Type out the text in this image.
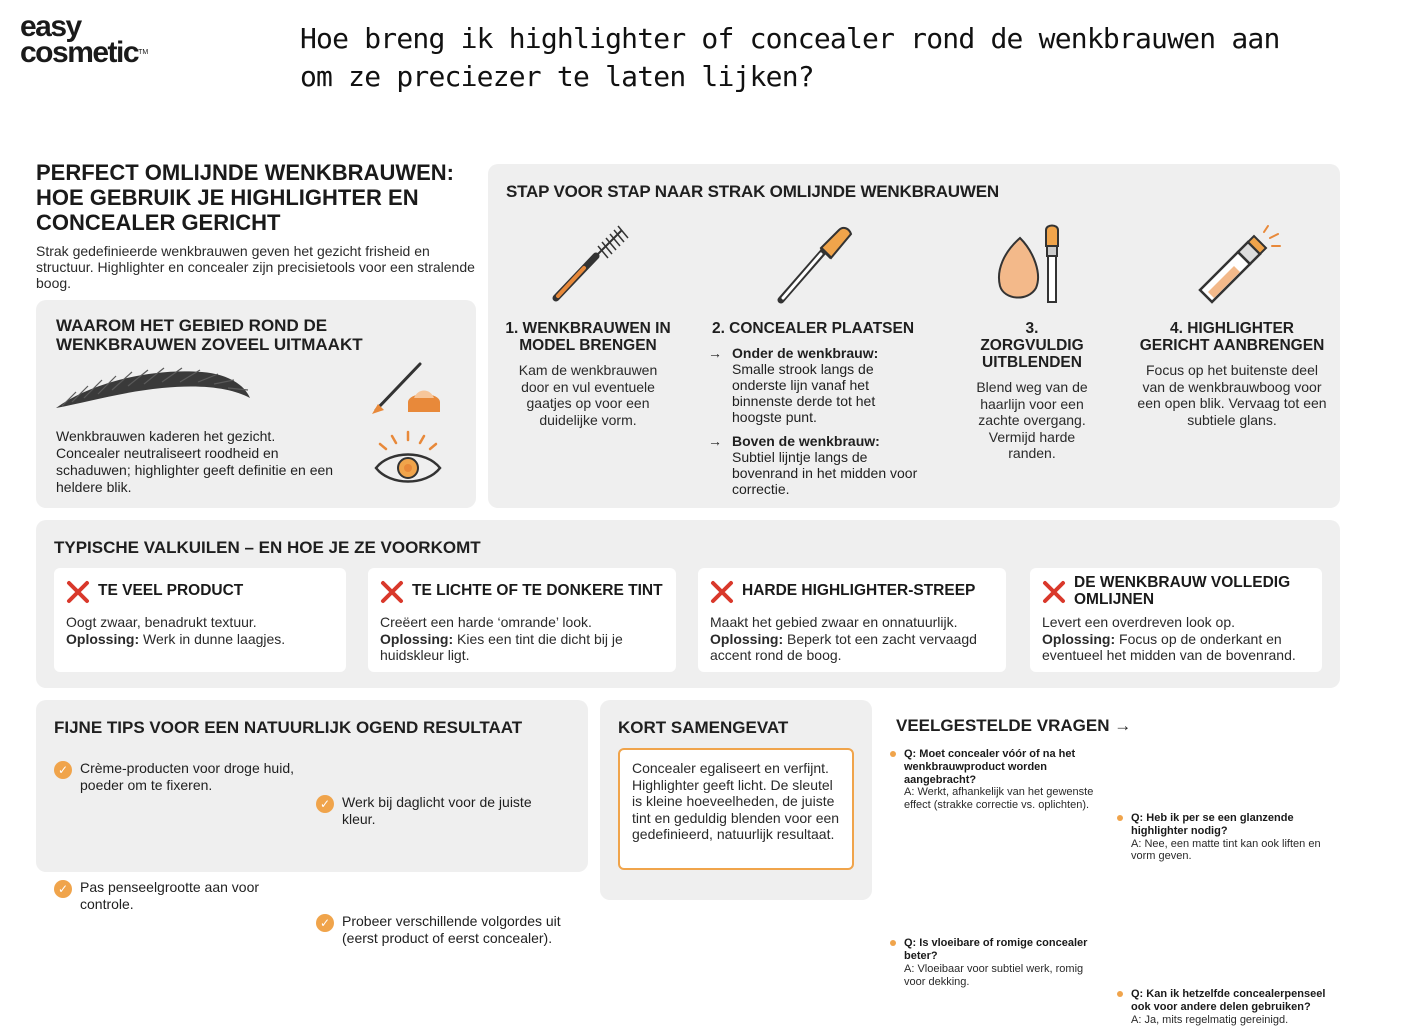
easy
cosmetic™	Hoe breng ik highlighter of concealer rond de wenkbrauwen aan om ze preciezer te laten lijken?
PERFECT OMLIJNDE WENKBRAUWEN: HOE GEBRUIK JE HIGHLIGHTER EN CONCEALER GERICHT
Strak gedefinieerde wenkbrauwen geven het gezicht frisheid en structuur. Highlighter en concealer zijn precisietools voor een stralende boog.
WAAROM HET GEBIED ROND DE WENKBRAUWEN ZOVEEL UITMAAKT
Wenkbrauwen kaderen het gezicht. Concealer neutraliseert roodheid en schaduwen; highlighter geeft definitie en een heldere blik.
STAP VOOR STAP NAAR STRAK OMLIJNDE WENKBRAUWEN
1. WENKBRAUWEN IN MODEL BRENGEN
Kam de wenkbrauwen door en vul eventuele gaatjes op voor een duidelijke vorm.
2. CONCEALER PLAATSEN
→ Onder de wenkbrauw:
Smalle strook langs de onderste lijn vanaf het binnenste derde tot het hoogste punt.
→ Boven de wenkbrauw:
Subtiel lijntje langs de bovenrand in het midden voor correctie.
3. ZORGVULDIG UITBLENDEN
Blend weg van de haarlijn voor een zachte overgang. Vermijd harde randen.
4. HIGHLIGHTER GERICHT AANBRENGEN
Focus op het buitenste deel van de wenkbrauwboog voor een open blik. Vervaag tot een subtiele glans.
TYPISCHE VALKUILEN – EN HOE JE ZE VOORKOMT
TE VEEL PRODUCT
Oogt zwaar, benadrukt textuur.
Oplossing: Werk in dunne laagjes.
TE LICHTE OF TE DONKERE TINT
Creëert een harde ‘omrande’ look.
Oplossing: Kies een tint die dicht bij je huidskleur ligt.
HARDE HIGHLIGHTER-STREEP
Maakt het gebied zwaar en onnatuurlijk.
Oplossing: Beperk tot een zacht vervaagd accent rond de boog.
DE WENKBRAUW VOLLEDIG OMLIJNEN
Levert een overdreven look op.
Oplossing: Focus op de onderkant en eventueel het midden van de bovenrand.
FIJNE TIPS VOOR EEN NATUURLIJK OGEND RESULTAAT
✓ Crème-producten voor droge huid, poeder om te fixeren.
✓ Werk bij daglicht voor de juiste kleur.
✓ Pas penseelgrootte aan voor controle.
✓ Probeer verschillende volgordes uit (eerst product of eerst concealer).
KORT SAMENGEVAT
Concealer egaliseert en verfijnt. Highlighter geeft licht. De sleutel is kleine hoeveelheden, de juiste tint en geduldig blenden voor een gedefinieerd, natuurlijk resultaat.
VEELGESTELDE VRAGEN →
Q: Moet concealer vóór of na het wenkbrauwproduct worden aangebracht?
A: Werkt, afhankelijk van het gewenste effect (strakke correctie vs. oplichten).
Q: Heb ik per se een glanzende highlighter nodig?
A: Nee, een matte tint kan ook liften en vorm geven.
Q: Is vloeibare of romige concealer beter?
A: Vloeibaar voor subtiel werk, romig voor dekking.
Q: Kan ik hetzelfde concealerpenseel ook voor andere delen gebruiken?
A: Ja, mits regelmatig gereinigd.
